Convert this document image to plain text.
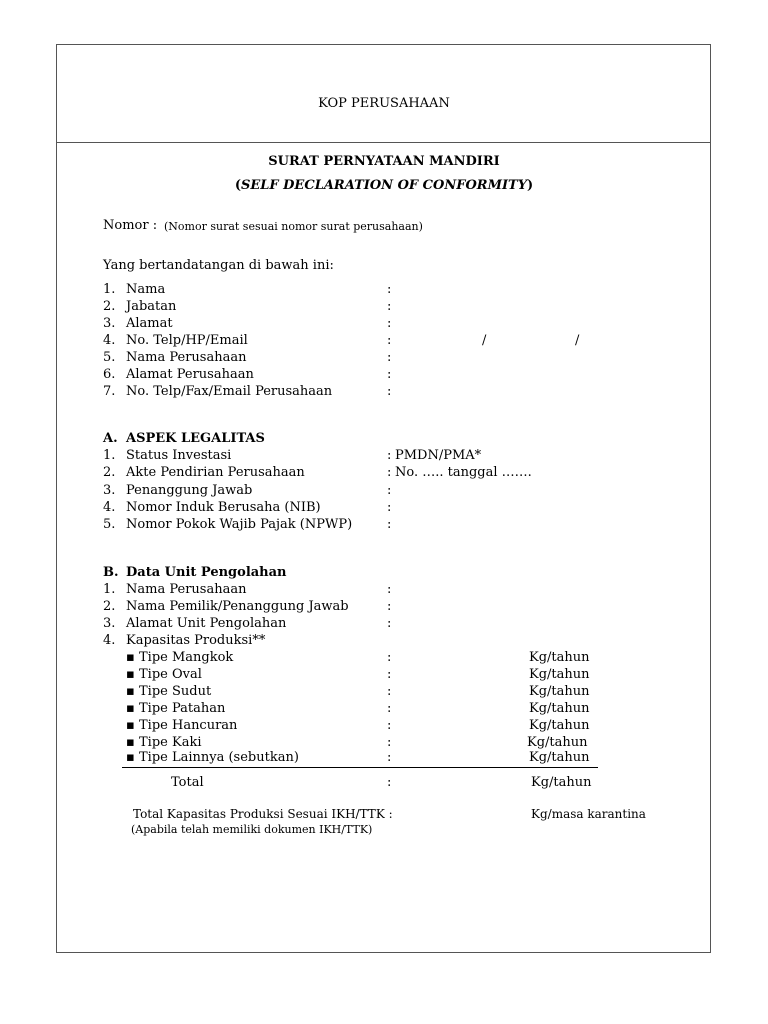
KOP PERUSAHAAN
SURAT PERNYATAAN MANDIRI
(SELF DECLARATION OF CONFORMITY)
Nomor : (Nomor surat sesuai nomor surat perusahaan)
Yang bertandatangan di bawah ini:
1. Nama	:
2. Jabatan	:
3. Alamat	:
4. No. Telp/HP/Email	:	/	/
5. Nama Perusahaan	:
6. Alamat Perusahaan	:
7. No. Telp/Fax/Email Perusahaan	:
A. ASPEK LEGALITAS
1. Status Investasi	: PMDN/PMA*
2. Akte Pendirian Perusahaan	: No. ….. tanggal …….
3. Penanggung Jawab	:
4. Nomor Induk Berusaha (NIB)	:
5. Nomor Pokok Wajib Pajak (NPWP)	:
B. Data Unit Pengolahan
1. Nama Perusahaan	:
2. Nama Pemilik/Penanggung Jawab	:
3. Alamat Unit Pengolahan	:
4. Kapasitas Produksi**
▪ Tipe Mangkok	:	Kg/tahun
▪ Tipe Oval	:	Kg/tahun
▪ Tipe Sudut	:	Kg/tahun
▪ Tipe Patahan	:	Kg/tahun
▪ Tipe Hancuran	:	Kg/tahun
▪ Tipe Kaki	:	Kg/tahun
▪ Tipe Lainnya (sebutkan)	:	Kg/tahun
Total	:	Kg/tahun
Total Kapasitas Produksi Sesuai IKH/TTK :	Kg/masa karantina
(Apabila telah memiliki dokumen IKH/TTK)
